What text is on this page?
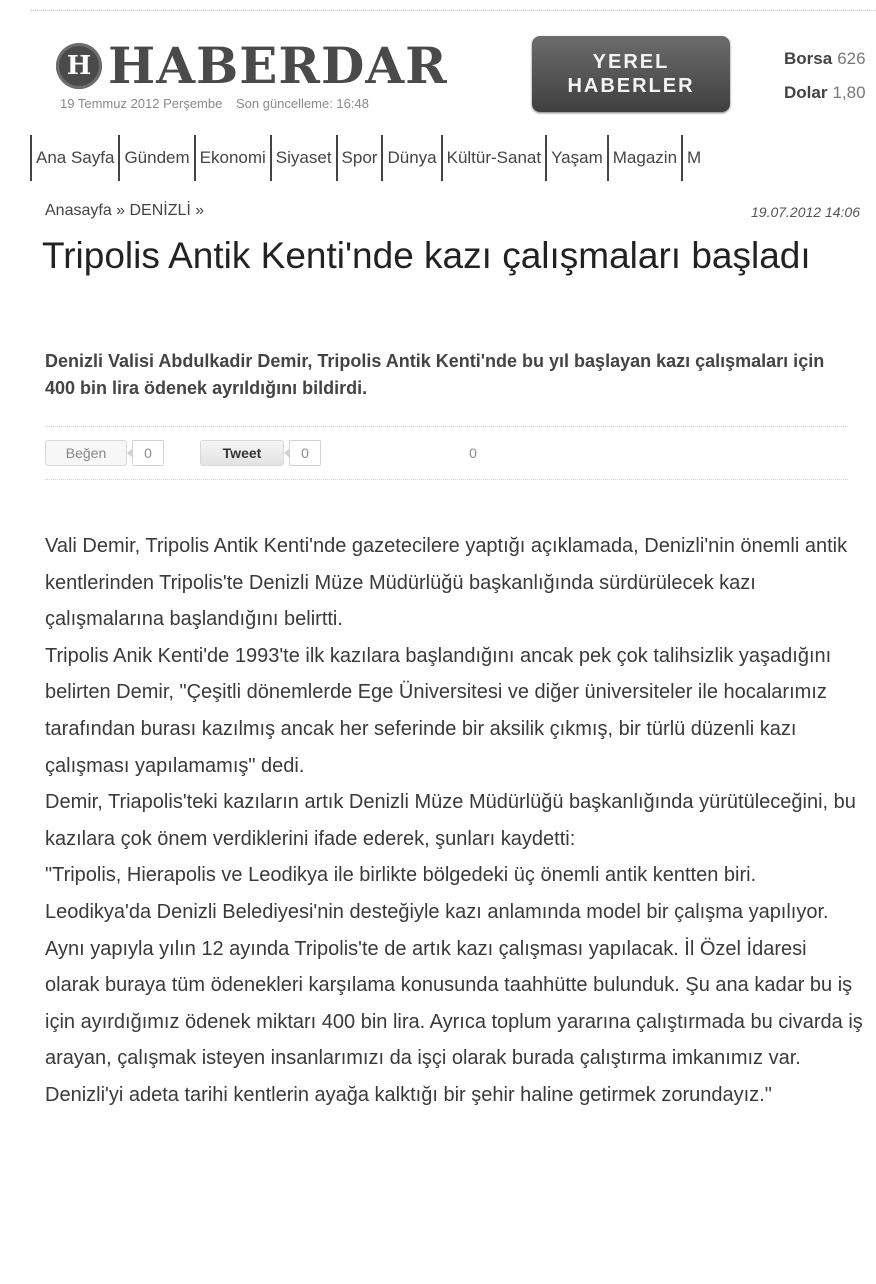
H HABERDAR
19 Temmuz 2012 Perşembe Son güncelleme: 16:48
YEREL
HABERLER
Borsa 626
Dolar 1,80
Ana Sayfa Gündem Ekonomi Siyaset Spor Dünya Kültür-Sanat Yaşam Magazin M
Anasayfa » DENİZLİ »	19.07.2012 14:06
Tripolis Antik Kenti'nde kazı çalışmaları başladı

Denizli Valisi Abdulkadir Demir, Tripolis Antik Kenti'nde bu yıl başlayan kazı çalışmaları için 400 bin lira ödenek ayrıldığını bildirdi.

Beğen	0	Tweet	0	0

Vali Demir, Tripolis Antik Kenti'nde gazetecilere yaptığı açıklamada, Denizli'nin önemli antik kentlerinden Tripolis'te Denizli Müze Müdürlüğü başkanlığında sürdürülecek kazı çalışmalarına başlandığını belirtti.

Tripolis Anik Kenti'de 1993'te ilk kazılara başlandığını ancak pek çok talihsizlik yaşadığını belirten Demir, "Çeşitli dönemlerde Ege Üniversitesi ve diğer üniversiteler ile hocalarımız tarafından burası kazılmış ancak her seferinde bir aksilik çıkmış, bir türlü düzenli kazı çalışması yapılamamış" dedi.

Demir, Triapolis'teki kazıların artık Denizli Müze Müdürlüğü başkanlığında yürütüleceğini, bu kazılara çok önem verdiklerini ifade ederek, şunları kaydetti:

"Tripolis, Hierapolis ve Leodikya ile birlikte bölgedeki üç önemli antik kentten biri. Leodikya'da Denizli Belediyesi'nin desteğiyle kazı anlamında model bir çalışma yapılıyor. Aynı yapıyla yılın 12 ayında Tripolis'te de artık kazı çalışması yapılacak. İl Özel İdaresi olarak buraya tüm ödenekleri karşılama konusunda taahhütte bulunduk. Şu ana kadar bu iş için ayırdığımız ödenek miktarı 400 bin lira. Ayrıca toplum yararına çalıştırmada bu civarda iş arayan, çalışmak isteyen insanlarımızı da işçi olarak burada çalıştırma imkanımız var. Denizli'yi adeta tarihi kentlerin ayağa kalktığı bir şehir haline getirmek zorundayız."
